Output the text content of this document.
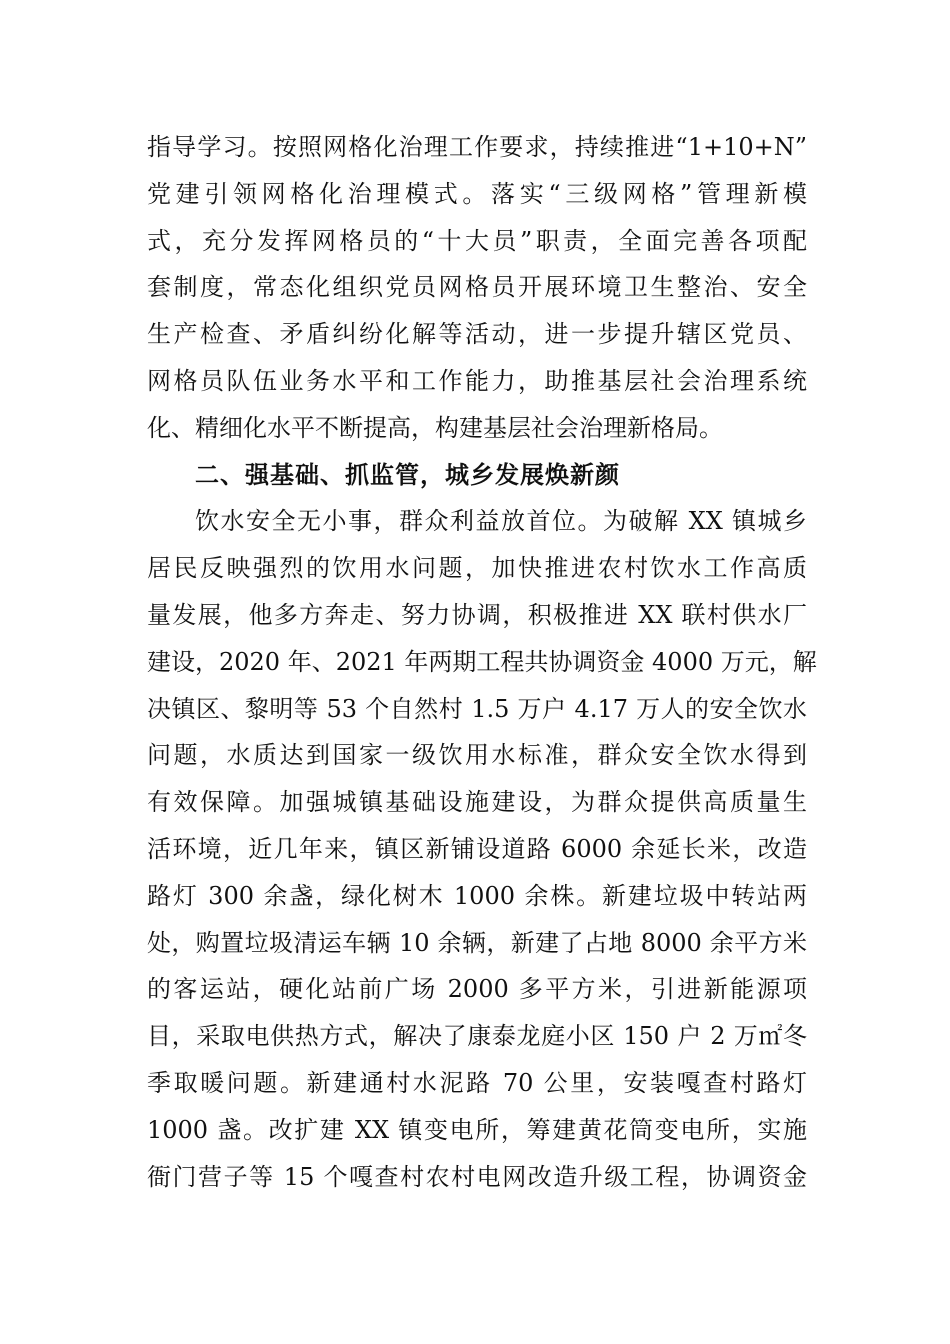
指导学习。按照网格化治理工作要求，持续推进“1+10+N”
党建引领网格化治理模式。落实“三级网格”管理新模
式，充分发挥网格员的“十大员”职责，全面完善各项配
套制度，常态化组织党员网格员开展环境卫生整治、安全
生产检查、矛盾纠纷化解等活动，进一步提升辖区党员、
网格员队伍业务水平和工作能力，助推基层社会治理系统
化、精细化水平不断提高，构建基层社会治理新格局。
二、强基础、抓监管，城乡发展焕新颜
饮水安全无小事，群众利益放首位。为破解 XX 镇城乡
居民反映强烈的饮用水问题，加快推进农村饮水工作高质
量发展，他多方奔走、努力协调，积极推进 XX 联村供水厂
建设，2020 年、2021 年两期工程共协调资金 4000 万元，解
决镇区、黎明等 53 个自然村 1.5 万户 4.17 万人的安全饮水
问题，水质达到国家一级饮用水标准，群众安全饮水得到
有效保障。加强城镇基础设施建设，为群众提供高质量生
活环境，近几年来，镇区新铺设道路 6000 余延长米，改造
路灯 300 余盏，绿化树木 1000 余株。新建垃圾中转站两
处，购置垃圾清运车辆 10 余辆，新建了占地 8000 余平方米
的客运站，硬化站前广场 2000 多平方米，引进新能源项
目，采取电供热方式，解决了康泰龙庭小区 150 户 2 万㎡冬
季取暖问题。新建通村水泥路 70 公里，安装嘎查村路灯
1000 盏。改扩建 XX 镇变电所，筹建黄花筒变电所，实施
衙门营子等 15 个嘎查村农村电网改造升级工程，协调资金
